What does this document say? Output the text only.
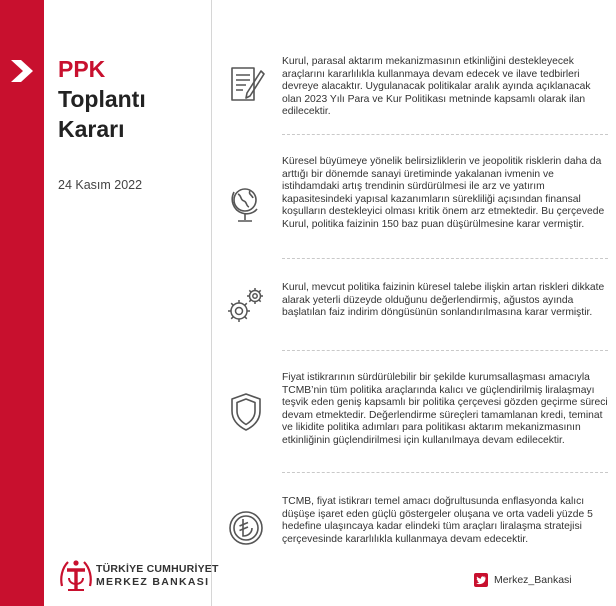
PPK
Toplantı
Kararı
24 Kasım 2022
TÜRKİYE CUMHURİYET
MERKEZ BANKASI

Kurul, parasal aktarım mekanizmasının etkinliğini destekleyecek araçlarını kararlılıkla kullanmaya devam edecek ve ilave tedbirleri devreye alacaktır. Uygulanacak politikalar aralık ayında açıklanacak olan 2023 Yılı Para ve Kur Politikası metninde kapsamlı olarak ilan edilecektir.

Küresel büyümeye yönelik belirsizliklerin ve jeopolitik risklerin daha da arttığı bir dönemde sanayi üretiminde yakalanan ivmenin ve istihdamdaki artış trendinin sürdürülmesi ile arz ve yatırım kapasitesindeki yapısal kazanımların sürekliliği açısından finansal koşulların destekleyici olması kritik önem arz etmektedir. Bu çerçevede Kurul, politika faizinin 150 baz puan düşürülmesine karar vermiştir.

Kurul, mevcut politika faizinin küresel talebe ilişkin artan riskleri dikkate alarak yeterli düzeyde olduğunu değerlendirmiş, ağustos ayında başlatılan faiz indirim döngüsünün sonlandırılmasına karar vermiştir.

Fiyat istikrarının sürdürülebilir bir şekilde kurumsallaşması amacıyla TCMB’nin tüm politika araçlarında kalıcı ve güçlendirilmiş liralaşmayı teşvik eden geniş kapsamlı bir politika çerçevesi gözden geçirme süreci devam etmektedir. Değerlendirme süreçleri tamamlanan kredi, teminat ve likidite politika adımları para politikası aktarım mekanizmasının etkinliğinin güçlendirilmesi için kullanılmaya devam edilecektir.

TCMB, fiyat istikrarı temel amacı doğrultusunda enflasyonda kalıcı düşüşe işaret eden güçlü göstergeler oluşana ve orta vadeli yüzde 5 hedefine ulaşıncaya kadar elindeki tüm araçları liralaşma stratejisi çerçevesinde kararlılıkla kullanmaya devam edecektir.

Merkez_Bankasi
